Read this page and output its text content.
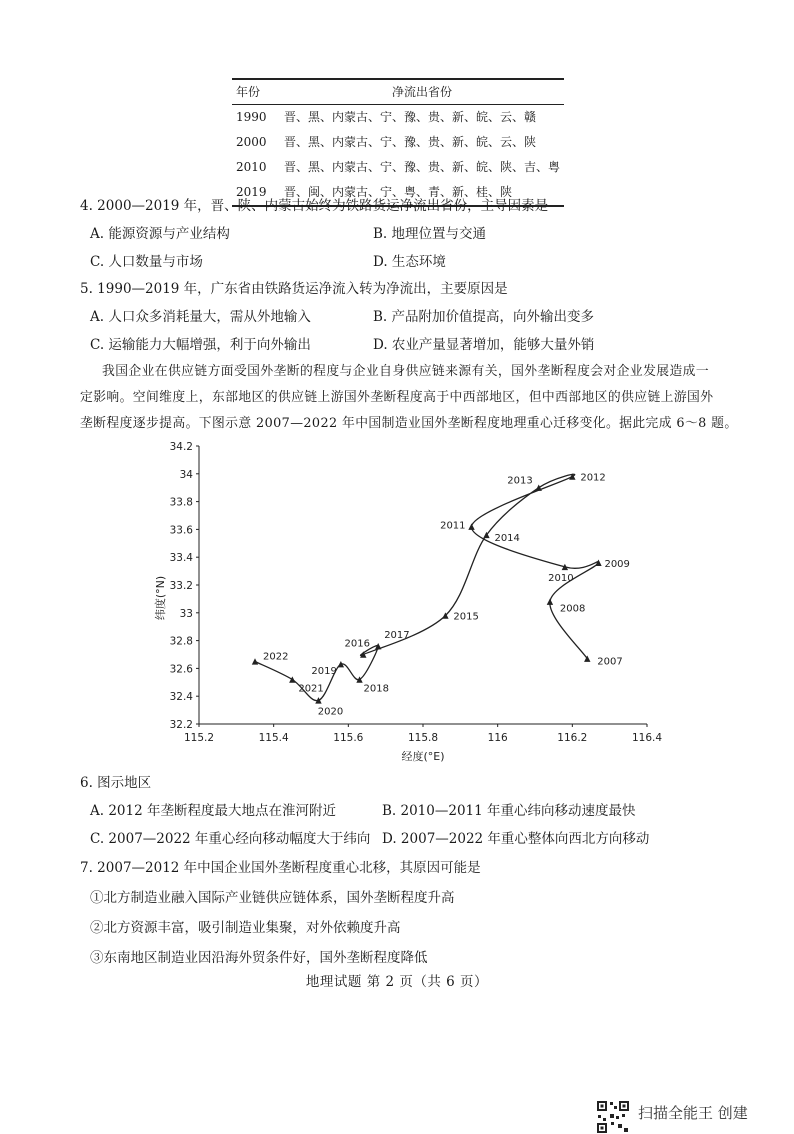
年份	净流出省份
1990	晋、黑、内蒙古、宁、豫、贵、新、皖、云、赣
2000	晋、黑、内蒙古、宁、豫、贵、新、皖、云、陕
2010	晋、黑、内蒙古、宁、豫、贵、新、皖、陕、吉、粤
2019	晋、闽、内蒙古、宁、粤、青、新、桂、陕
4. 2000—2019 年，晋、陕、内蒙古始终为铁路货运净流出省份，主导因素是
A. 能源资源与产业结构	B. 地理位置与交通
C. 人口数量与市场	D. 生态环境
5. 1990—2019 年，广东省由铁路货运净流入转为净流出，主要原因是
A. 人口众多消耗量大，需从外地输入	B. 产品附加价值提高，向外输出变多
C. 运输能力大幅增强，利于向外输出	D. 农业产量显著增加，能够大量外销
我国企业在供应链方面受国外垄断的程度与企业自身供应链来源有关，国外垄断程度会对企业发展造成一
定影响。空间维度上，东部地区的供应链上游国外垄断程度高于中西部地区，但中西部地区的供应链上游国外
垄断程度逐步提高。下图示意 2007—2022 年中国制造业国外垄断程度地理重心迁移变化。据此完成 6～8 题。
32.2
32.4
32.6
32.8
33
33.2
33.4
33.6
33.8
34
34.2
115.2	115.4	115.6	115.8	116	116.2	116.4
2007
2008
2009
2010
2011
2012
2013
2014
2015
2016
2017
2018
2019
2020
2021
2022
纬度(°N)
经度(°E)
6. 图示地区
A. 2012 年垄断程度最大地点在淮河附近	B. 2010—2011 年重心纬向移动速度最快
C. 2007—2022 年重心经向移动幅度大于纬向 D. 2007—2022 年重心整体向西北方向移动
7. 2007—2012 年中国企业国外垄断程度重心北移，其原因可能是
①北方制造业融入国际产业链供应链体系，国外垄断程度升高
②北方资源丰富，吸引制造业集聚，对外依赖度升高
③东南地区制造业因沿海外贸条件好，国外垄断程度降低
地理试题 第 2 页（共 6 页）
扫描全能王 创建
